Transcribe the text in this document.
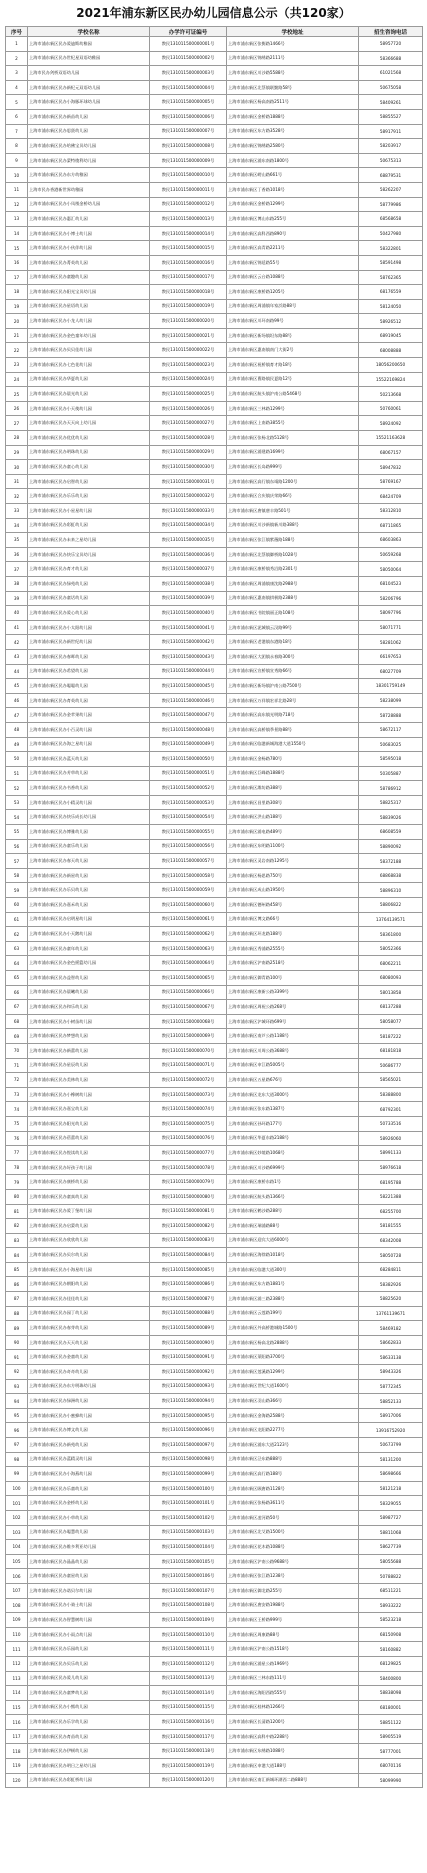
2021年浦东新区民办幼儿园信息公示（共120家）
序号	学校名称	办学许可证编号	学校地址	招生咨询电话
1	上海市浦东新区民办爱迪斯幼稚园	教民131011500000001号	上海市浦东新区张衡路1466号	58957720
2	上海市浦东新区民办世纪星双语幼稚园	教民131011500000002号	上海市浦东新区锦绣路2111号	58366688
3	上海市民办剑桥双语幼儿园	教民131011500000003号	上海市浦东新区川沙路5588号	61021568
4	上海市浦东新区民办新纪元双语幼儿园	教民131011500000004号	上海市浦东新区北蔡镇联勤路58号	50675058
5	上海市浦东新区民办小海豚环球幼儿园	教民131011500000005号	上海市浦东新区杨高南路2511号	58409261
6	上海市浦东新区民办新苗幼儿园	教民131011500000006号	上海市浦东新区金桥路1888号	58855527
7	上海市浦东新区民办思贤幼儿园	教民131011500000007号	上海市浦东新区东方路3528号	58917911
8	上海市浦东新区民办哈佛宝贝幼儿园	教民131011500000008号	上海市浦东新区锦绣路2580号	58203917
9	上海市浦东新区民办蒙特梭利幼儿园	教民131011500000009号	上海市浦东新区浦东南路1800号	50675313
10	上海市浦东新区民办东方幼稚园	教民131011500000010号	上海市浦东新区崂山路661号	68879531
11	上海市民办香港新世界幼稚园	教民131011500000011号	上海市浦东新区丁香路1018号	58262207
12	上海市浦东新区民办小凤凰金桥幼儿园	教民131011500000012号	上海市浦东新区金桥路1299号	58779986
13	上海市浦东新区民办惠汇幼儿园	教民131011500000013号	上海市浦东新区博山东路255号	68568658
14	上海市浦东新区民办小博士幼儿园	教民131011500000014号	上海市浦东新区高科西路890号	50427980
15	上海市浦东新区民办小伙伴幼儿园	教民131011500000015号	上海市浦东新区高青路2211号	58322801
16	上海市浦东新区民办菁英幼儿园	教民131011500000016号	上海市浦东新区锦延路55号	58591498
17	上海市浦东新区民办童趣幼儿园	教民131011500000017号	上海市浦东新区云台路1088号	58762365
18	上海市浦东新区民办阳光宝贝幼儿园	教民131011500000018号	上海市浦东新区康桥路1205号	68176559
19	上海市浦东新区民办星语幼儿园	教民131011500000019号	上海市浦东新区周浦镇年家浜路88号	58124050
20	上海市浦东新区民办小龙人幼儿园	教民131011500000020号	上海市浦东新区川环南路99号	58926512
21	上海市浦东新区民办金色童年幼儿园	教民131011500000021号	上海市浦东新区新场镇坦东路88号	68919045
22	上海市浦东新区民办贝贝佳幼儿园	教民131011500000022号	上海市浦东新区惠南镇南门大街2号	68008888
23	上海市浦东新区民办七色花幼儿园	教民131011500000023号	上海市浦东新区祝桥镇育才路18号	18056200650
24	上海市浦东新区民办华夏幼儿园	教民131011500000024号	上海市浦东新区曹路镇民夏路12号	15522169824
25	上海市浦东新区民办晨光幼儿园	教民131011500000025号	上海市浦东新区航头镇沪南公路5468号	50213668
26	上海市浦东新区民办小天使幼儿园	教民131011500000026号	上海市浦东新区三林路1299号	50760061
27	上海市浦东新区民办天天向上幼儿园	教民131011500000027号	上海市浦东新区上南路3855号	58924092
28	上海市浦东新区民办优优幼儿园	教民131011500000028号	上海市浦东新区张杨北路5128号	15521163628
29	上海市浦东新区民办明珠幼儿园	教民131011500000029号	上海市浦东新区浦建路1699号	68067157
30	上海市浦东新区民办童心幼儿园	教民131011500000030号	上海市浦东新区长岛路999号	58947832
31	上海市浦东新区民办启智幼儿园	教民131011500000031号	上海市浦东新区高行镇东靖路1200号	58769167
32	上海市浦东新区民办乐乐幼儿园	教民131011500000032号	上海市浦东新区合庆镇庆荣路66号	68424709
33	上海市浦东新区民办小星星幼儿园	教民131011500000033号	上海市浦东新区唐镇唐丰路501号	58312810
34	上海市浦东新区民办彩虹幼儿园	教民131011500000034号	上海市浦东新区川沙新镇新川路388号	68711865
35	上海市浦东新区民办未来之星幼儿园	教民131011500000035号	上海市浦东新区张江镇紫薇路188号	68603863
36	上海市浦东新区民办快乐宝贝幼儿园	教民131011500000036号	上海市浦东新区北蔡镇御桥路1028号	50659268
37	上海市浦东新区民办育才幼儿园	教民131011500000037号	上海市浦东新区康桥镇秀沿路2301号	58050064
38	上海市浦东新区民办绿苑幼儿园	教民131011500000038号	上海市浦东新区周浦镇康沈路2988号	68104523
39	上海市浦东新区民办童话幼儿园	教民131011500000039号	上海市浦东新区惠南镇拱极路2388号	58206796
40	上海市浦东新区民办爱心幼儿园	教民131011500000040号	上海市浦东新区书院镇丽正路108号	58097796
41	上海市浦东新区民办小太阳幼儿园	教民131011500000041号	上海市浦东新区泥城镇云汉路99号	58071771
42	上海市浦东新区民办新世纪幼儿园	教民131011500000042号	上海市浦东新区老港镇东港路18号	58281062
43	上海市浦东新区民办春晖幼儿园	教民131011500000043号	上海市浦东新区大团镇永春路300号	66197653
44	上海市浦东新区民办希望幼儿园	教民131011500000044号	上海市浦东新区宣桥镇宣秀路66号	68027709
45	上海市浦东新区民办聪聪幼儿园	教民131011500000045号	上海市浦东新区新场镇沪南公路7500号	18301759149
46	上海市浦东新区民办育英幼儿园	教民131011500000046号	上海市浦东新区万祥镇宏祥北路28号	58238099
47	上海市浦东新区民办金苹果幼儿园	教民131011500000047号	上海市浦东新区高东镇光明路718号	58728888
48	上海市浦东新区民办小百灵幼儿园	教民131011500000048号	上海市浦东新区高桥镇季景路88号	58672117
49	上海市浦东新区民办海之星幼儿园	教民131011500000049号	上海市浦东新区临港新城海港大道1550号	50683025
50	上海市浦东新区民办蓝天幼儿园	教民131011500000050号	上海市浦东新区金杨路780号	58595018
51	上海市浦东新区民办芳草幼儿园	教民131011500000051号	上海市浦东新区巨峰路1888号	50305887
52	上海市浦东新区民办书香幼儿园	教民131011500000052号	上海市浦东新区潍坊路388号	58786912
53	上海市浦东新区民办小精灵幼儿园	教民131011500000053号	上海市浦东新区昌里路308号	58825317
54	上海市浦东新区民办快乐成长幼儿园	教民131011500000054号	上海市浦东新区洪山路188号	58839026
55	上海市浦东新区民办博雅幼儿园	教民131011500000055号	上海市浦东新区浦电路489号	68608559
56	上海市浦东新区民办童乐幼儿园	教民131011500000056号	上海市浦东新区东明路1100号	58890092
57	上海市浦东新区民办春天幼儿园	教民131011500000057号	上海市浦东新区灵岩南路1295号	58372188
58	上海市浦东新区民办新星幼儿园	教民131011500000058号	上海市浦东新区杨思路750号	68868838
59	上海市浦东新区民办乐贝幼儿园	教民131011500000059号	上海市浦东新区成山路1950号	58896310
60	上海市浦东新区民办嘉禾幼儿园	教民131011500000060号	上海市浦东新区德州路458号	58806822
61	上海市浦东新区民办启明星幼儿园	教民131011500000061号	上海市浦东新区博文路66号	13764139571
62	上海市浦东新区民办小天鹅幼儿园	教民131011500000062号	上海市浦东新区环龙路188号	58361800
63	上海市浦东新区民办童年幼儿园	教民131011500000063号	上海市浦东新区秀浦路2555号	58052366
64	上海市浦东新区民办金色摇篮幼儿园	教民131011500000064号	上海市浦东新区沪南路2518号	68062211
65	上海市浦东新区民办益智幼儿园	教民131011500000065号	上海市浦东新区御青路100号	68080093
66	上海市浦东新区民办晨曦幼儿园	教民131011500000066号	上海市浦东新区康新公路3399号	58013858
67	上海市浦东新区民办和乐幼儿园	教民131011500000067号	上海市浦东新区周祝公路268号	68137288
68	上海市浦东新区民办小树苗幼儿园	教民131011500000068号	上海市浦东新区沪城环路699号	58058077
69	上海市浦东新区民办梦想幼儿园	教民131011500000069号	上海市浦东新区南芦公路1188号	58187222
70	上海市浦东新区民办新蕾幼儿园	教民131011500000070号	上海市浦东新区川周公路3688号	68181818
71	上海市浦东新区民办星辰幼儿园	教民131011500000071号	上海市浦东新区申江路5005号	50686777
72	上海市浦东新区民办美林幼儿园	教民131011500000072号	上海市浦东新区五星路676号	58565021
73	上海市浦东新区民办小橡树幼儿园	教民131011500000073号	上海市浦东新区龙东大道3000号	58388800
74	上海市浦东新区民办嘉宝幼儿园	教民131011500000074号	上海市浦东新区张东路1387号	68792301
75	上海市浦东新区民办阳光幼儿园	教民131011500000075号	上海市浦东新区孙环路177号	50733516
76	上海市浦东新区民办蓓蕾幼儿园	教民131011500000076号	上海市浦东新区华夏东路2188号	58926060
77	上海市浦东新区民办悦读幼儿园	教民131011500000077号	上海市浦东新区妙境路1068号	58991133
78	上海市浦东新区民办好孩子幼儿园	教民131011500000078号	上海市浦东新区川沙路6999号	58976618
79	上海市浦东新区民办康桥幼儿园	教民131011500000079号	上海市浦东新区康桥东路1号	68195788
80	上海市浦东新区民办童真幼儿园	教民131011500000080号	上海市浦东新区航头路1366号	58221388
81	上海市浦东新区民办爱丁堡幼儿园	教民131011500000081号	上海市浦东新区鹤沙路288号	68255700
82	上海市浦东新区民办启蒙幼儿园	教民131011500000082号	上海市浦东新区瑞浦路88号	58181555
83	上海市浦东新区民办欣欣幼儿园	教民131011500000083号	上海市浦东新区迎宾大道6000号	68342008
84	上海市浦东新区民办贝尔幼儿园	教民131011500000084号	上海市浦东新区海徐路1018号	58050728
85	上海市浦东新区民办小海星幼儿园	教民131011500000085号	上海市浦东新区临港大道300号	68284811
86	上海市浦东新区民办朝阳幼儿园	教民131011500000086号	上海市浦东新区东方路1881号	58382926
87	上海市浦东新区民办佳佳幼儿园	教民131011500000087号	上海市浦东新区浦三路2388号	58825620
88	上海市浦东新区民办园丁幼儿园	教民131011500000088号	上海市浦东新区云莲路199号	13761139671
89	上海市浦东新区民办春芽幼儿园	教民131011500000089号	上海市浦东新区外高桥港城路1500号	58469182
90	上海市浦东新区民办天天幼儿园	教民131011500000090号	上海市浦东新区杨高北路2888号	58662833
91	上海市浦东新区民办金童幼儿园	教民131011500000091号	上海市浦东新区莱阳路3700号	58633138
92	上海市浦东新区民办奇奇幼儿园	教民131011500000092号	上海市浦东新区莲溪路1299号	58943326
93	上海市浦东新区民办东方明珠幼儿园	教民131011500000093号	上海市浦东新区世纪大道1600号	58772345
94	上海市浦东新区民办绿洲幼儿园	教民131011500000094号	上海市浦东新区羽山路366号	58852133
95	上海市浦东新区民办小蜜蜂幼儿园	教民131011500000095号	上海市浦东新区金海路2588号	58917006
96	上海市浦东新区民办博文幼儿园	教民131011500000096号	上海市浦东新区龙阳路2277号	13916752920
97	上海市浦东新区民办新苑幼儿园	教民131011500000097号	上海市浦东新区浦东大道2123号	50673799
98	上海市浦东新区民办蓝精灵幼儿园	教民131011500000098号	上海市浦东新区泾东路888号	58131200
99	上海市浦东新区民办小海燕幼儿园	教民131011500000099号	上海市浦东新区高行路188号	58698666
100	上海市浦东新区民办乐童幼儿园	教民131011500000100号	上海市浦东新区顾唐路1128号	58121218
101	上海市浦东新区民办金桥幼儿园	教民131011500000101号	上海市浦东新区张杨路3611号	58329055
102	上海市浦东新区民办小草幼儿园	教民131011500000102号	上海市浦东新区凌河路50号	58987727
103	上海市浦东新区民办聪慧幼儿园	教民131011500000103号	上海市浦东新区北艾路1500号	58811068
104	上海市浦东新区民办维多利亚幼儿园	教民131011500000104号	上海市浦东新区花木路1088号	58627739
105	上海市浦东新区民办晶晶幼儿园	教民131011500000105号	上海市浦东新区沪南公路9688号	58055688
106	上海市浦东新区民办童星幼儿园	教民131011500000106号	上海市浦东新区张江路1238号	50788822
107	上海市浦东新区民办诺贝尔幼儿园	教民131011500000107号	上海市浦东新区御北路255号	68511221
108	上海市浦东新区民办小骑士幼儿园	教民131011500000108号	上海市浦东新区唐安路1988号	58933222
109	上海市浦东新区民办智慧树幼儿园	教民131011500000109号	上海市浦东新区王桥路999号	58523218
110	上海市浦东新区民办小雨点幼儿园	教民131011500000110号	上海市浦东新区周康路88号	68150908
111	上海市浦东新区民办乐园幼儿园	教民131011500000111号	上海市浦东新区沪南公路1518号	58160882
112	上海市浦东新区民办贝乐幼儿园	教民131011500000112号	上海市浦东新区浦星公路1969号	68129825
113	上海市浦东新区民办爱儿幼儿园	教民131011500000113号	上海市浦东新区三林东路111号	58400800
114	上海市浦东新区民办童梦幼儿园	教民131011500000114号	上海市浦东新区海阳西路555号	58838098
115	上海市浦东新区民办小熊幼儿园	教民131011500000115号	上海市浦东新区桂林路1266号	68180001
116	上海市浦东新区民办乐学幼儿园	教民131011500000116号	上海市浦东新区长清路1200号	58851122
117	上海市浦东新区民办育苗幼儿园	教民131011500000117号	上海市浦东新区高科中路2288号	58905519
118	上海市浦东新区民办伊顿幼儿园	教民131011500000118号	上海市浦东新区东绣路1088号	58777001
119	上海市浦东新区民办明日之星幼儿园	教民131011500000119号	上海市浦东新区申港大道188号	68070116
120	上海市浦东新区民办彩虹桥幼儿园	教民131011500000120号	上海市浦东新区南汇新城环湖西二路888号	58099990
